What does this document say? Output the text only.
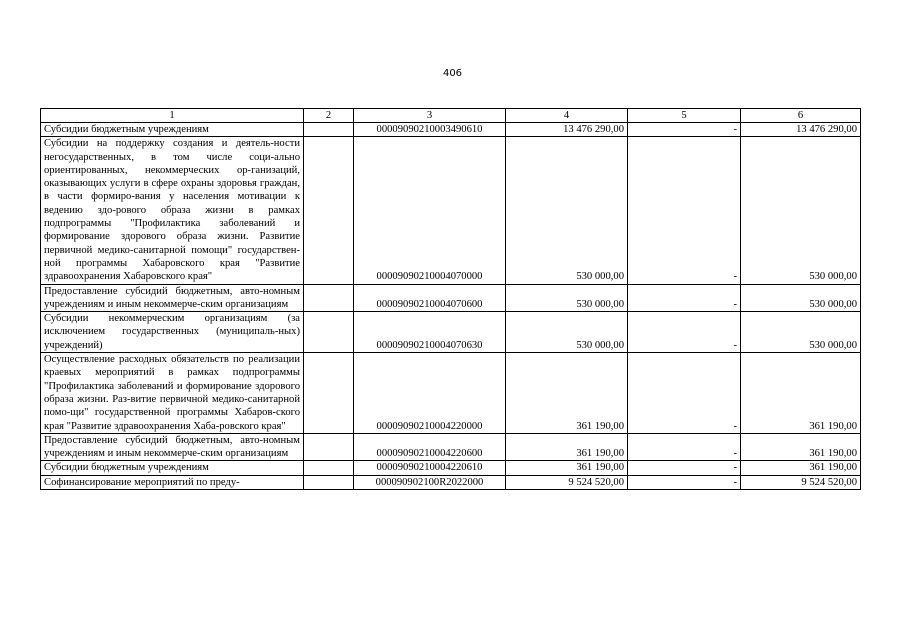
406
1	2	3	4	5	6
Субсидии бюджетным учреждениям		00009090210003490610	13 476 290,00	-	13 476 290,00
Субсидии на поддержку создания и деятель-ности негосударственных, в том числе соци-ально ориентированных, некоммерческих ор-ганизаций, оказывающих услуги в сфере охраны здоровья граждан, в части формиро-вания у населения мотивации к ведению здо-рового образа жизни в рамках подпрограммы "Профилактика заболеваний и формирование здорового образа жизни. Развитие первичной медико-санитарной помощи" государствен-ной программы Хабаровского края "Развитие здравоохранения Хабаровского края"		00009090210004070000	530 000,00	-	530 000,00
Предоставление субсидий бюджетным, авто-номным учреждениям и иным некоммерче-ским организациям		00009090210004070600	530 000,00	-	530 000,00
Субсидии некоммерческим организациям (за исключением государственных (муниципаль-ных) учреждений)		00009090210004070630	530 000,00	-	530 000,00
Осуществление расходных обязательств по реализации краевых мероприятий в рамках подпрограммы "Профилактика заболеваний и формирование здорового образа жизни. Раз-витие первичной медико-санитарной помо-щи" государственной программы Хабаров-ского края "Развитие здравоохранения Хаба-ровского края"		00009090210004220000	361 190,00	-	361 190,00
Предоставление субсидий бюджетным, авто-номным учреждениям и иным некоммерче-ским организациям		00009090210004220600	361 190,00	-	361 190,00
Субсидии бюджетным учреждениям		00009090210004220610	361 190,00	-	361 190,00
Софинансирование мероприятий по преду-		000090902100R2022000	9 524 520,00	-	9 524 520,00
